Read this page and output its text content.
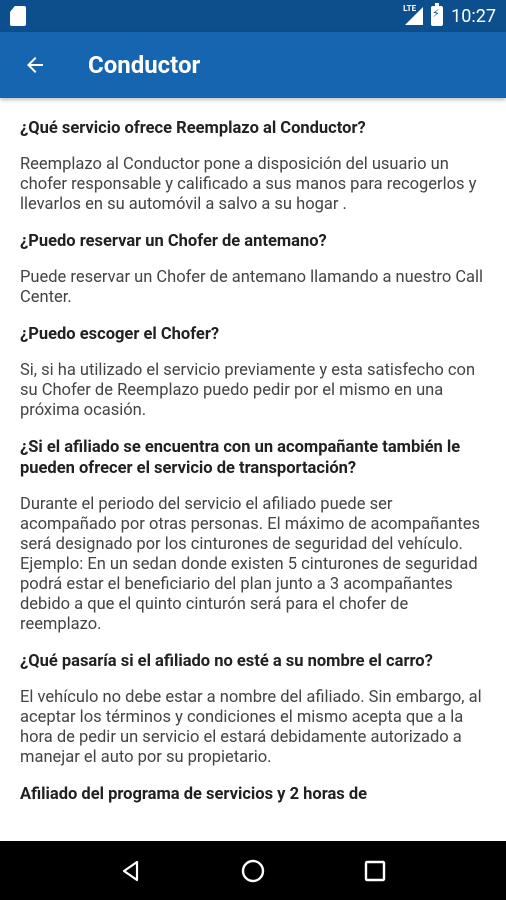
LTE
⚡ 10:27
Conductor
¿Qué servicio ofrece Reemplazo al Conductor?
Reemplazo al Conductor pone a disposición del usuario un chofer responsable y calificado a sus manos para recogerlos y llevarlos en su automóvil a salvo a su hogar .
¿Puedo reservar un Chofer de antemano?
Puede reservar un Chofer de antemano llamando a nuestro Call Center.
¿Puedo escoger el Chofer?
Si, si ha utilizado el servicio previamente y esta satisfecho con su Chofer de Reemplazo puedo pedir por el mismo en una próxima ocasión.
¿Si el afiliado se encuentra con un acompañante también le pueden ofrecer el servicio de transportación?
Durante el periodo del servicio el afiliado puede ser acompañado por otras personas. El máximo de acompañantes será designado por los cinturones de seguridad del vehículo. Ejemplo: En un sedan donde existen 5 cinturones de seguridad podrá estar el beneficiario del plan junto a 3 acompañantes debido a que el quinto cinturón será para el chofer de reemplazo.
¿Qué pasaría si el afiliado no esté a su nombre el carro?
El vehículo no debe estar a nombre del afiliado. Sin embargo, al aceptar los términos y condiciones el mismo acepta que a la hora de pedir un servicio el estará debidamente autorizado a manejar el auto por su propietario.
Afiliado del programa de servicios y 2 horas de
